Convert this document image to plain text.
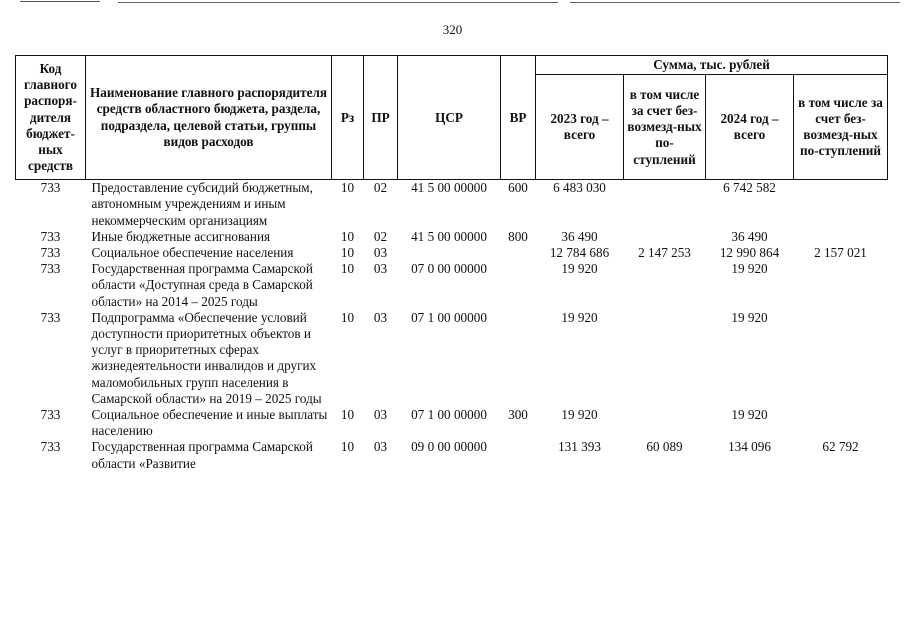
320
Код главного распоря-дителя бюджет-ных средств	Наименование главного распорядителя средств областного бюджета, раздела, подраздела, целевой статьи, группы видов расходов	Рз	ПР	ЦСР	ВР	Сумма, тыс. рублей			
						2023 год – всего	в том числе за счет без-возмезд-ных по-ступлений	2024 год – всего	в том числе за счет без-возмезд-ных по-ступлений
733	Предоставление субсидий бюджетным, автономным учреждениям и иным некоммерческим организациям	10	02	41 5 00 00000	600	6 483 030		6 742 582	
733	Иные бюджетные ассигнования	10	02	41 5 00 00000	800	36 490		36 490	
733	Социальное обеспечение населения	10	03			12 784 686	2 147 253	12 990 864	2 157 021
733	Государственная программа Самарской области «Доступная среда в Самарской области» на 2014 – 2025 годы	10	03	07 0 00 00000		19 920		19 920	
733	Подпрограмма «Обеспечение условий доступности приоритетных объектов и услуг в приоритетных сферах жизнедеятельности инвалидов и других маломобильных групп населения в Самарской области» на 2019 – 2025 годы	10	03	07 1 00 00000		19 920		19 920	
733	Социальное обеспечение и иные выплаты населению	10	03	07 1 00 00000	300	19 920		19 920	
733	Государственная программа Самарской области «Развитие	10	03	09 0 00 00000		131 393	60 089	134 096	62 792
